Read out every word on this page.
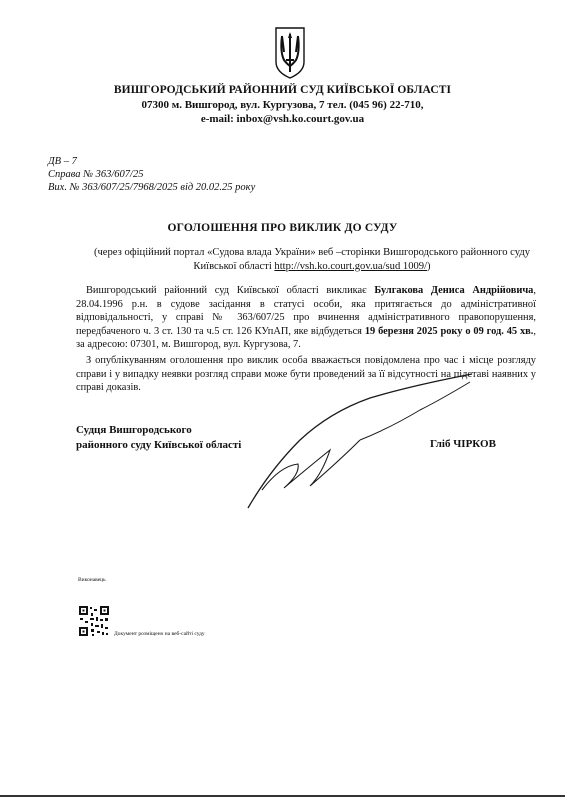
ВИШГОРОДСЬКИЙ РАЙОННИЙ СУД КИЇВСЬКОЇ ОБЛАСТІ
07300 м. Вишгород, вул. Кургузова, 7 тел. (045 96) 22-710,
e-mail: inbox@vsh.ko.court.gov.ua
ДВ – 7
Справа № 363/607/25
Вих. № 363/607/25/7968/2025 від 20.02.25 року
ОГОЛОШЕННЯ ПРО ВИКЛИК ДО СУДУ
(через офіційний портал «Судова влада України» веб –сторінки Вишгородського районного суду Київської області http://vsh.ko.court.gov.ua/sud 1009/)
Вишгородський районний суд Київської області викликає Булгакова Дениса Андрійовича, 28.04.1996 р.н. в судове засідання в статусі особи, яка притягається до адміністративної відповідальності, у справі № 363/607/25 про вчинення адміністративного правопорушення, передбаченого ч. 3 ст. 130 та ч.5 ст. 126 КУпАП, яке відбудеться 19 березня 2025 року о 09 год. 45 хв., за адресою: 07301, м. Вишгород, вул. Кургузова, 7.
З опублікуванням оголошення про виклик особа вважається повідомлена про час і місце розгляду справи і у випадку неявки розгляд справи може бути проведений за її відсутності на підставі наявних у справі доказів.
Судця Вишгородського
районного суду Київської області	Гліб ЧІРКОВ
Виконавець
Документ розміщено на веб-сайті суду
